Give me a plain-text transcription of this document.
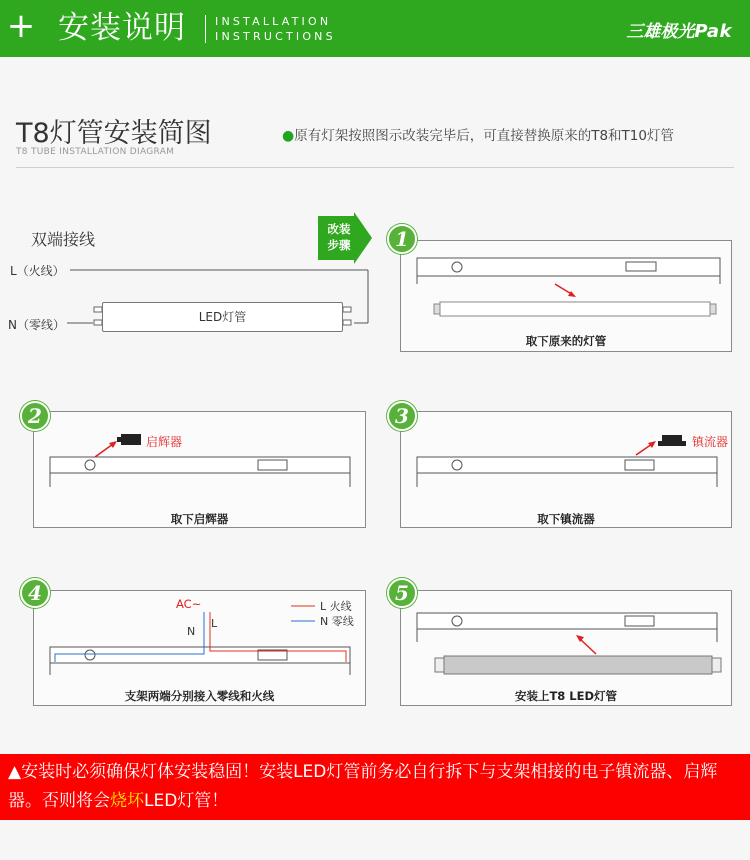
+ 安装说明	INSTALLATION
INSTRUCTIONS	三雄极光Pak
T8灯管安装简图
T8 TUBE INSTALLATION DIAGRAM
●原有灯架按照图示改装完毕后，可直接替换原来的T8和T10灯管
双端接线
L（火线）
N（零线）
LED灯管
改装
步骤	1
取下原来的灯管
2
启辉器
取下启辉器
3
镇流器
取下镇流器
4	AC~
N
L
L 火线
N 零线
支架两端分别接入零线和火线
5
安装上T8 LED灯管
▲安装时必须确保灯体安装稳固！安装LED灯管前务必自行拆下与支架相接的电子镇流器、启辉器。否则将会烧坏LED灯管！
